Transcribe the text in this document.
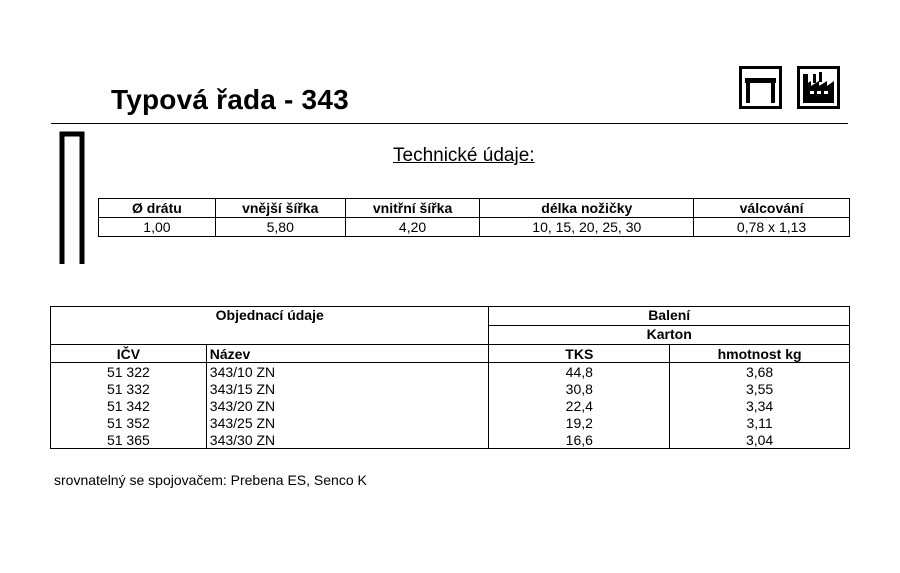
Typová řada - 343
Technické údaje:
Ø drátu	vnější šířka	vnitřní šířka	délka nožičky	válcování
1,00	5,80	4,20	10, 15, 20, 25, 30	0,78 x 1,13
Objednací údaje		Balení	
		Karton	
IČV	Název	TKS	hmotnost kg
51 322	343/10 ZN	44,8	3,68
51 332	343/15 ZN	30,8	3,55
51 342	343/20 ZN	22,4	3,34
51 352	343/25 ZN	19,2	3,11
51 365	343/30 ZN	16,6	3,04
srovnatelný se spojovačem: Prebena ES, Senco K
